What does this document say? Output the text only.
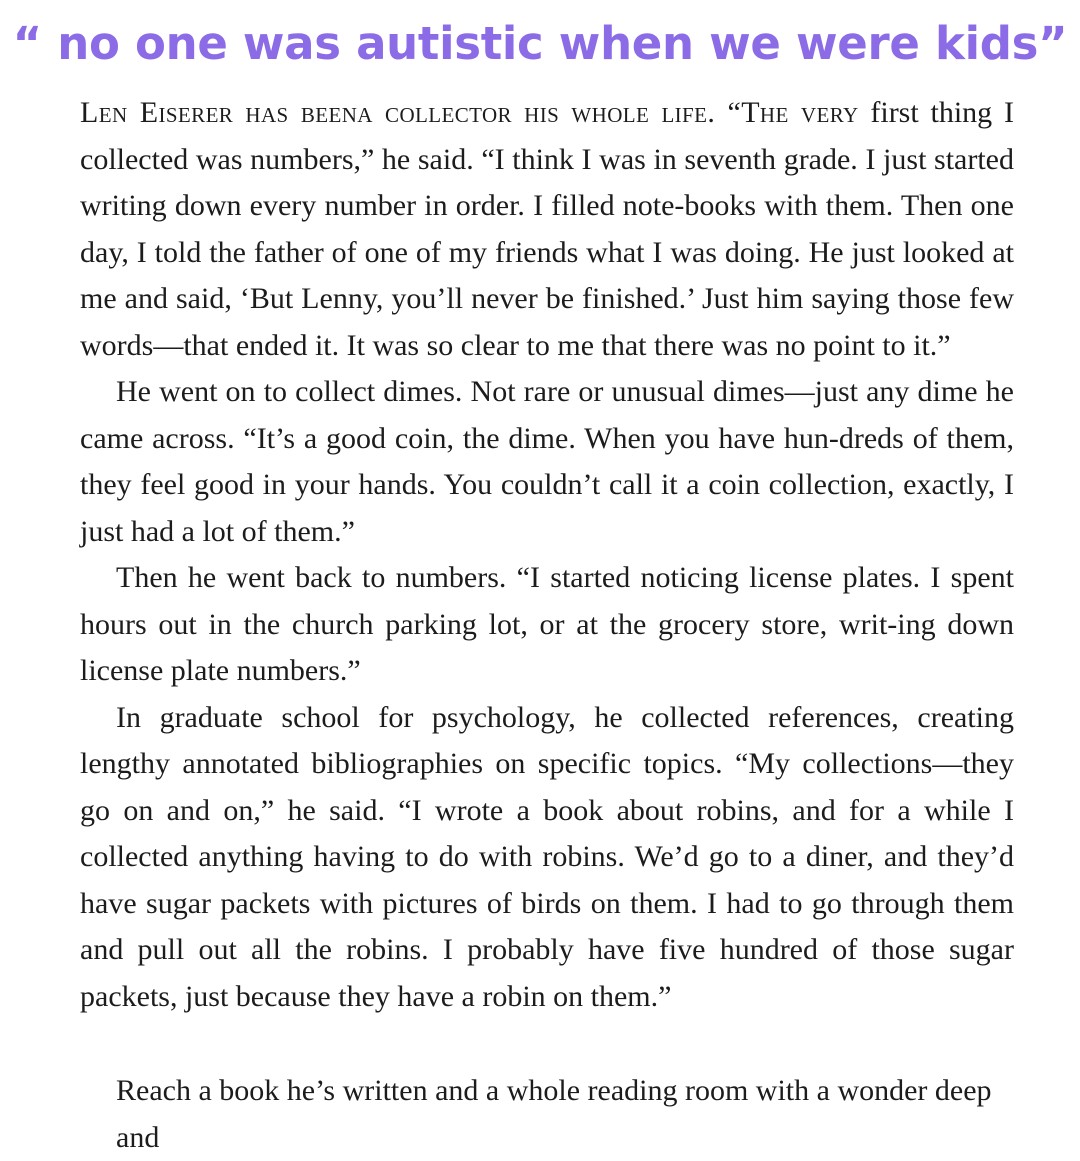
“ no one was autistic when we were kids”

Len Eiserer has beena collector his whole life. “The very first thing I collected was numbers,” he said. “I think I was in seventh grade. I just started writing down every number in order. I filled note-books with them. Then one day, I told the father of one of my friends what I was doing. He just looked at me and said, ‘But Lenny, you’ll never be finished.’ Just him saying those few words—that ended it. It was so clear to me that there was no point to it.”

He went on to collect dimes. Not rare or unusual dimes—just any dime he came across. “It’s a good coin, the dime. When you have hun-dreds of them, they feel good in your hands. You couldn’t call it a coin collection, exactly, I just had a lot of them.”

Then he went back to numbers. “I started noticing license plates. I spent hours out in the church parking lot, or at the grocery store, writ-ing down license plate numbers.”

In graduate school for psychology, he collected references, creating lengthy annotated bibliographies on specific topics. “My collections—they go on and on,” he said. “I wrote a book about robins, and for a while I collected anything having to do with robins. We’d go to a diner, and they’d have sugar packets with pictures of birds on them. I had to go through them and pull out all the robins. I probably have five hundred of those sugar packets, just because they have a robin on them.”

Reach a book he’s written and a whole reading room with a wonder deep and
